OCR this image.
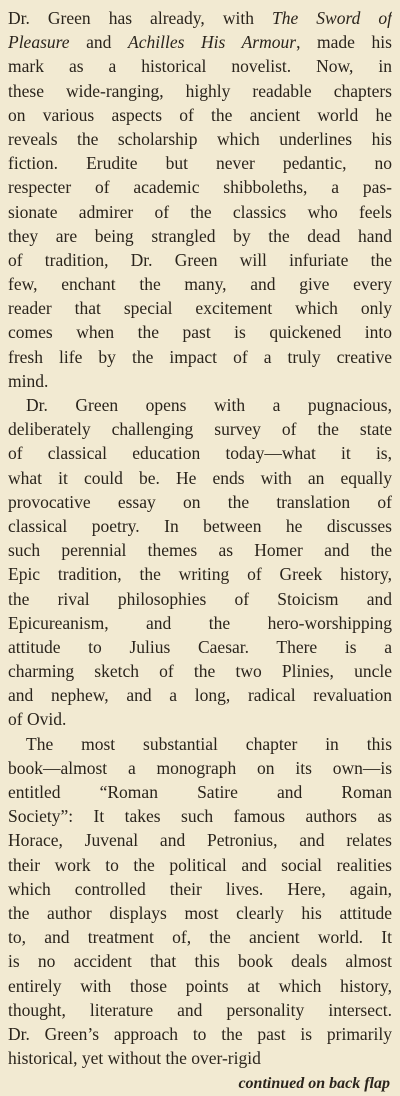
Dr. Green has already, with The Sword of
Pleasure and Achilles His Armour, made his
mark as a historical novelist. Now, in
these wide-ranging, highly readable chapters
on various aspects of the ancient world he
reveals the scholarship which underlines his
fiction. Erudite but never pedantic, no
respecter of academic shibboleths, a pas-
sionate admirer of the classics who feels
they are being strangled by the dead hand
of tradition, Dr. Green will infuriate the
few, enchant the many, and give every
reader that special excitement which only
comes when the past is quickened into
fresh life by the impact of a truly creative
mind.
Dr. Green opens with a pugnacious,
deliberately challenging survey of the state
of classical education today—what it is,
what it could be. He ends with an equally
provocative essay on the translation of
classical poetry. In between he discusses
such perennial themes as Homer and the
Epic tradition, the writing of Greek history,
the rival philosophies of Stoicism and
Epicureanism, and the hero-worshipping
attitude to Julius Caesar. There is a
charming sketch of the two Plinies, uncle
and nephew, and a long, radical revaluation
of Ovid.
The most substantial chapter in this
book—almost a monograph on its own—is
entitled “Roman Satire and Roman
Society”: It takes such famous authors as
Horace, Juvenal and Petronius, and relates
their work to the political and social realities
which controlled their lives. Here, again,
the author displays most clearly his attitude
to, and treatment of, the ancient world. It
is no accident that this book deals almost
entirely with those points at which history,
thought, literature and personality intersect.
Dr. Green’s approach to the past is primarily
historical, yet without the over-rigid
continued on back flap
